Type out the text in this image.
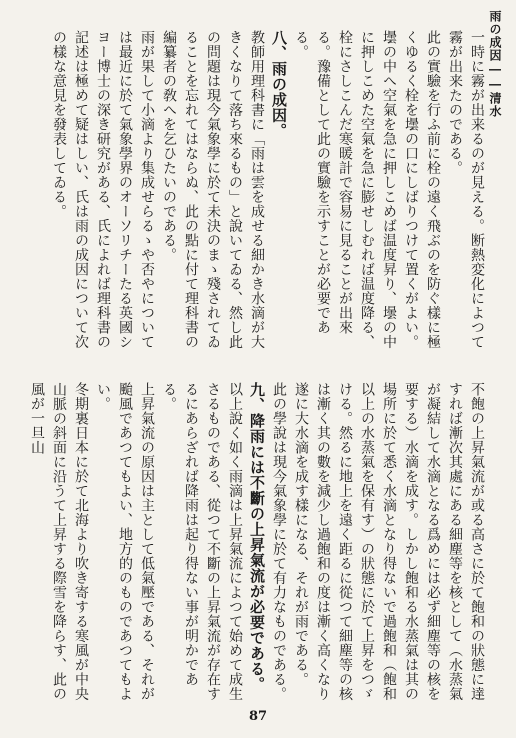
雨の成因――清水

一時に霧が出来るのが見える。断熱変化によつて霧が出来たのである。

此の實驗を行ふ前に栓の遠く飛ぶのを防ぐ樣に極くゆるく栓を壜の口にしばりつけて置くがよい。

壜の中へ空氣を急に押しこめば温度昇り、壜の中に押しこめた空氣を急に膨せしむれば温度降る、栓にさしこんだ寒暖計で容易に見ることが出來る。豫備として此の實驗を示すことが必要である。

八、雨の成因。

教師用理科書に「雨は雲を成せる細かき水滴が大きくなりて落ち來るもの」と說いてゐる、然し此の問題は現今氣象學に於て未決のまゝ殘されてゐることを忘れてはならぬ、此の點に付て理科書の編纂者の敎へを乞ひたいのである。

雨が果して小滴より集成せらるゝや否やについては最近に於て氣象學界のオーソリチーたる英國シヨー博士の深き研究がある、氏によれば理科書の記述は極めて疑はしい、氏は雨の成因について次の樣な意見を發表してゐる。

不飽の上昇氣流が或る高さに於て飽和の狀態に達すれば漸次其處にある細塵等を核として（水蒸氣が凝結して水滴となる爲めには必ず細塵等の核を要する）水滴を成す。しかし飽和る水蒸氣は其の場所に於て悉く水滴となり得ないで過飽和（飽和以上の水蒸氣を保有す）の狀態に於て上昇をつゞける。然るに地上を遠く距るに從つて細塵等の核は漸く其の數を減少し過飽和の度は漸く高くなり遂に大水滴を成す樣になる、それが雨である。

此の學說は現今氣象學に於て有力なものである。

九、降雨には不斷の上昇氣流が必要である。

以上說く如く雨滴は上昇氣流によつて始めて成生さるものである、從つて不斷の上昇氣流が存在するにあらざれば降雨は起り得ない事が明かである。

上昇氣流の原因は主として低氣壓である、それが颱風であつてもよい、地方的のものであつてもよい。

冬期裏日本に於て北海より吹き寄する寒風が中央山脈の斜面に沿うて上昇する際雪を降らす、此の風が一旦山

87
